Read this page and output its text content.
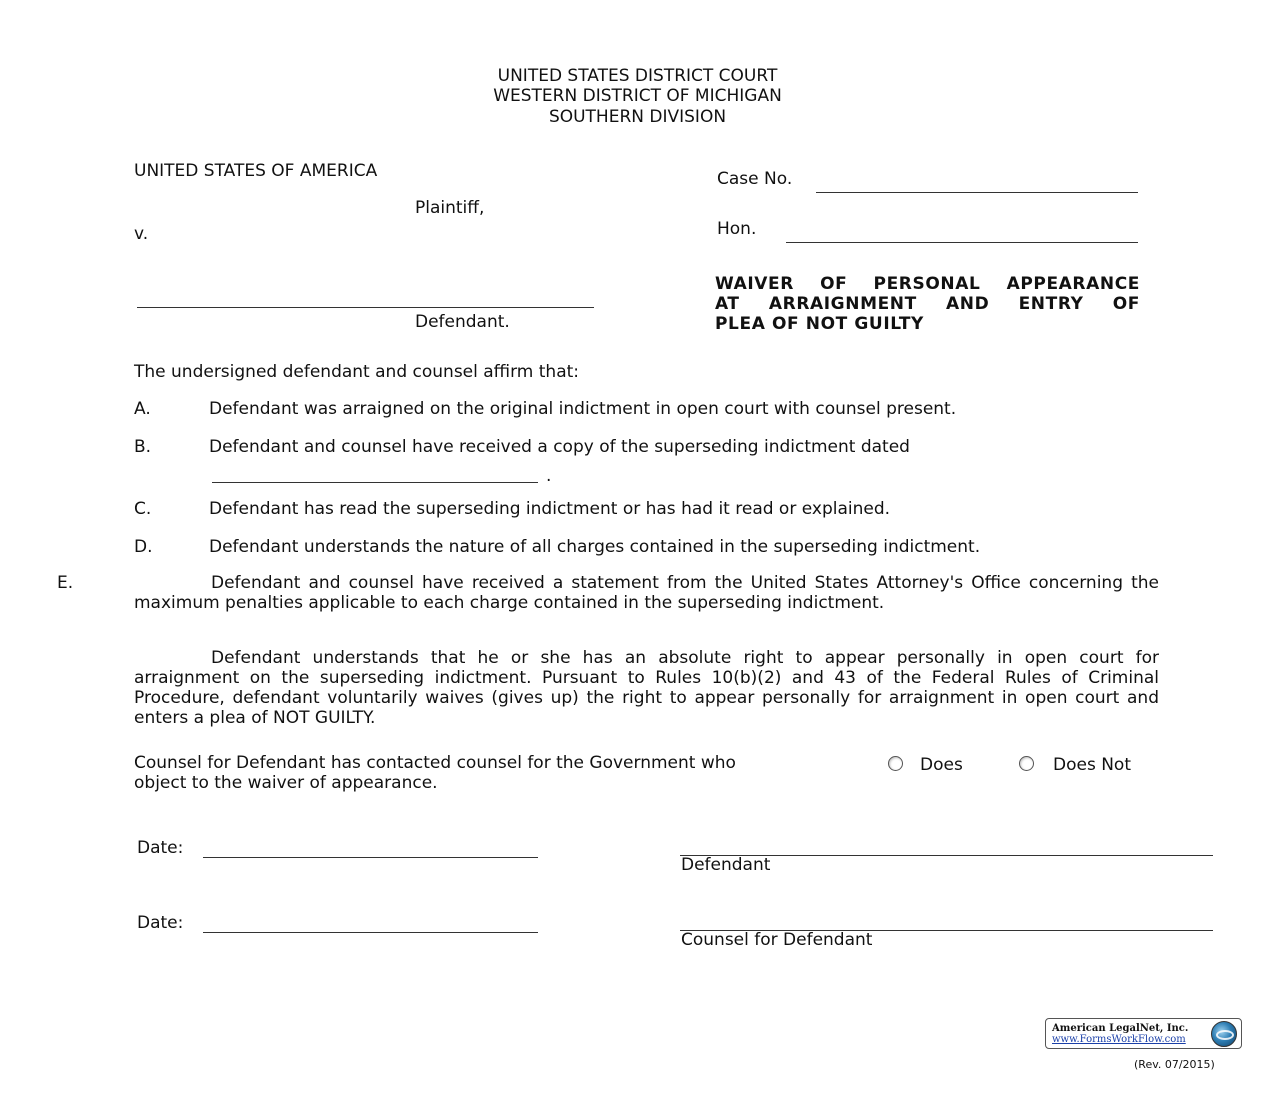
UNITED STATES DISTRICT COURT
WESTERN DISTRICT OF MICHIGAN
SOUTHERN DIVISION
UNITED STATES OF AMERICA
Plaintiff,
v.
Defendant.
Case No.
Hon.
WAIVER OF PERSONAL APPEARANCE
AT ARRAIGNMENT AND ENTRY OF
PLEA OF NOT GUILTY
The undersigned defendant and counsel affirm that:
A.	Defendant was arraigned on the original indictment in open court with counsel present.
B.	Defendant and counsel have received a copy of the superseding indictment dated
.
C.	Defendant has read the superseding indictment or has had it read or explained.
D.	Defendant understands the nature of all charges contained in the superseding indictment.
E.	Defendant and counsel have received a statement from the United States Attorney's Office concerning the maximum penalties applicable to each charge contained in the superseding indictment.
Defendant understands that he or she has an absolute right to appear personally in open court for arraignment on the superseding indictment. Pursuant to Rules 10(b)(2) and 43 of the Federal Rules of Criminal Procedure, defendant voluntarily waives (gives up) the right to appear personally for arraignment in open court and enters a plea of NOT GUILTY.
Counsel for Defendant has contacted counsel for the Government who	Does	Does Not
object to the waiver of appearance.
Date:
Defendant
Date:
Counsel for Defendant
American LegalNet, Inc.
www.FormsWorkFlow.com
(Rev. 07/2015)
